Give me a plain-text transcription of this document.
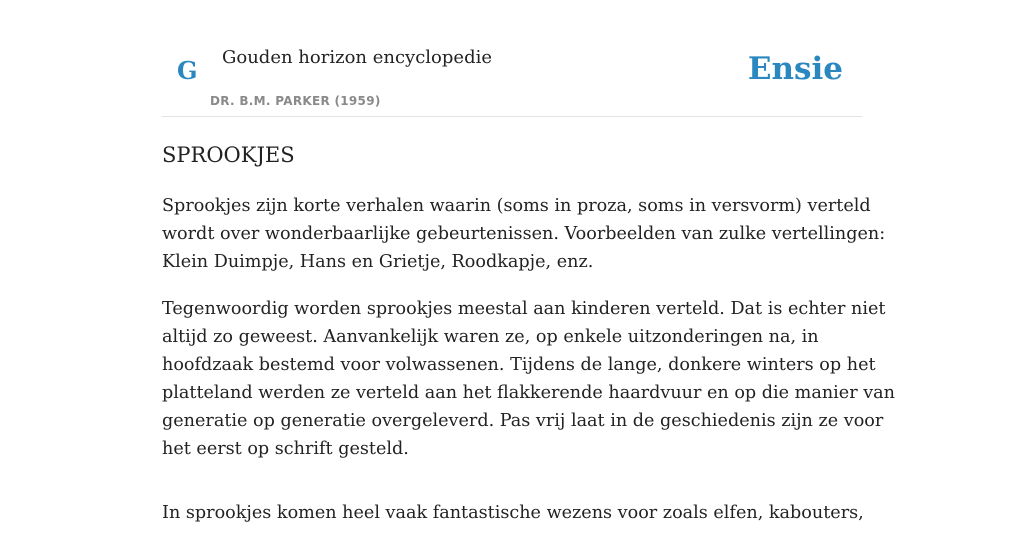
G Gouden horizon encyclopedie
DR. B.M. PARKER (1959)
Ensie
SPROOKJES

Sprookjes zijn korte verhalen waarin (soms in proza, soms in versvorm) verteld
wordt over wonderbaarlijke gebeurtenissen. Voorbeelden van zulke vertellingen:
Klein Duimpje, Hans en Grietje, Roodkapje, enz.

Tegenwoordig worden sprookjes meestal aan kinderen verteld. Dat is echter niet
altijd zo geweest. Aanvankelijk waren ze, op enkele uitzonderingen na, in
hoofdzaak bestemd voor volwassenen. Tijdens de lange, donkere winters op het
platteland werden ze verteld aan het flakkerende haardvuur en op die manier van
generatie op generatie overgeleverd. Pas vrij laat in de geschiedenis zijn ze voor
het eerst op schrift gesteld.

In sprookjes komen heel vaak fantastische wezens voor zoals elfen, kabouters,
